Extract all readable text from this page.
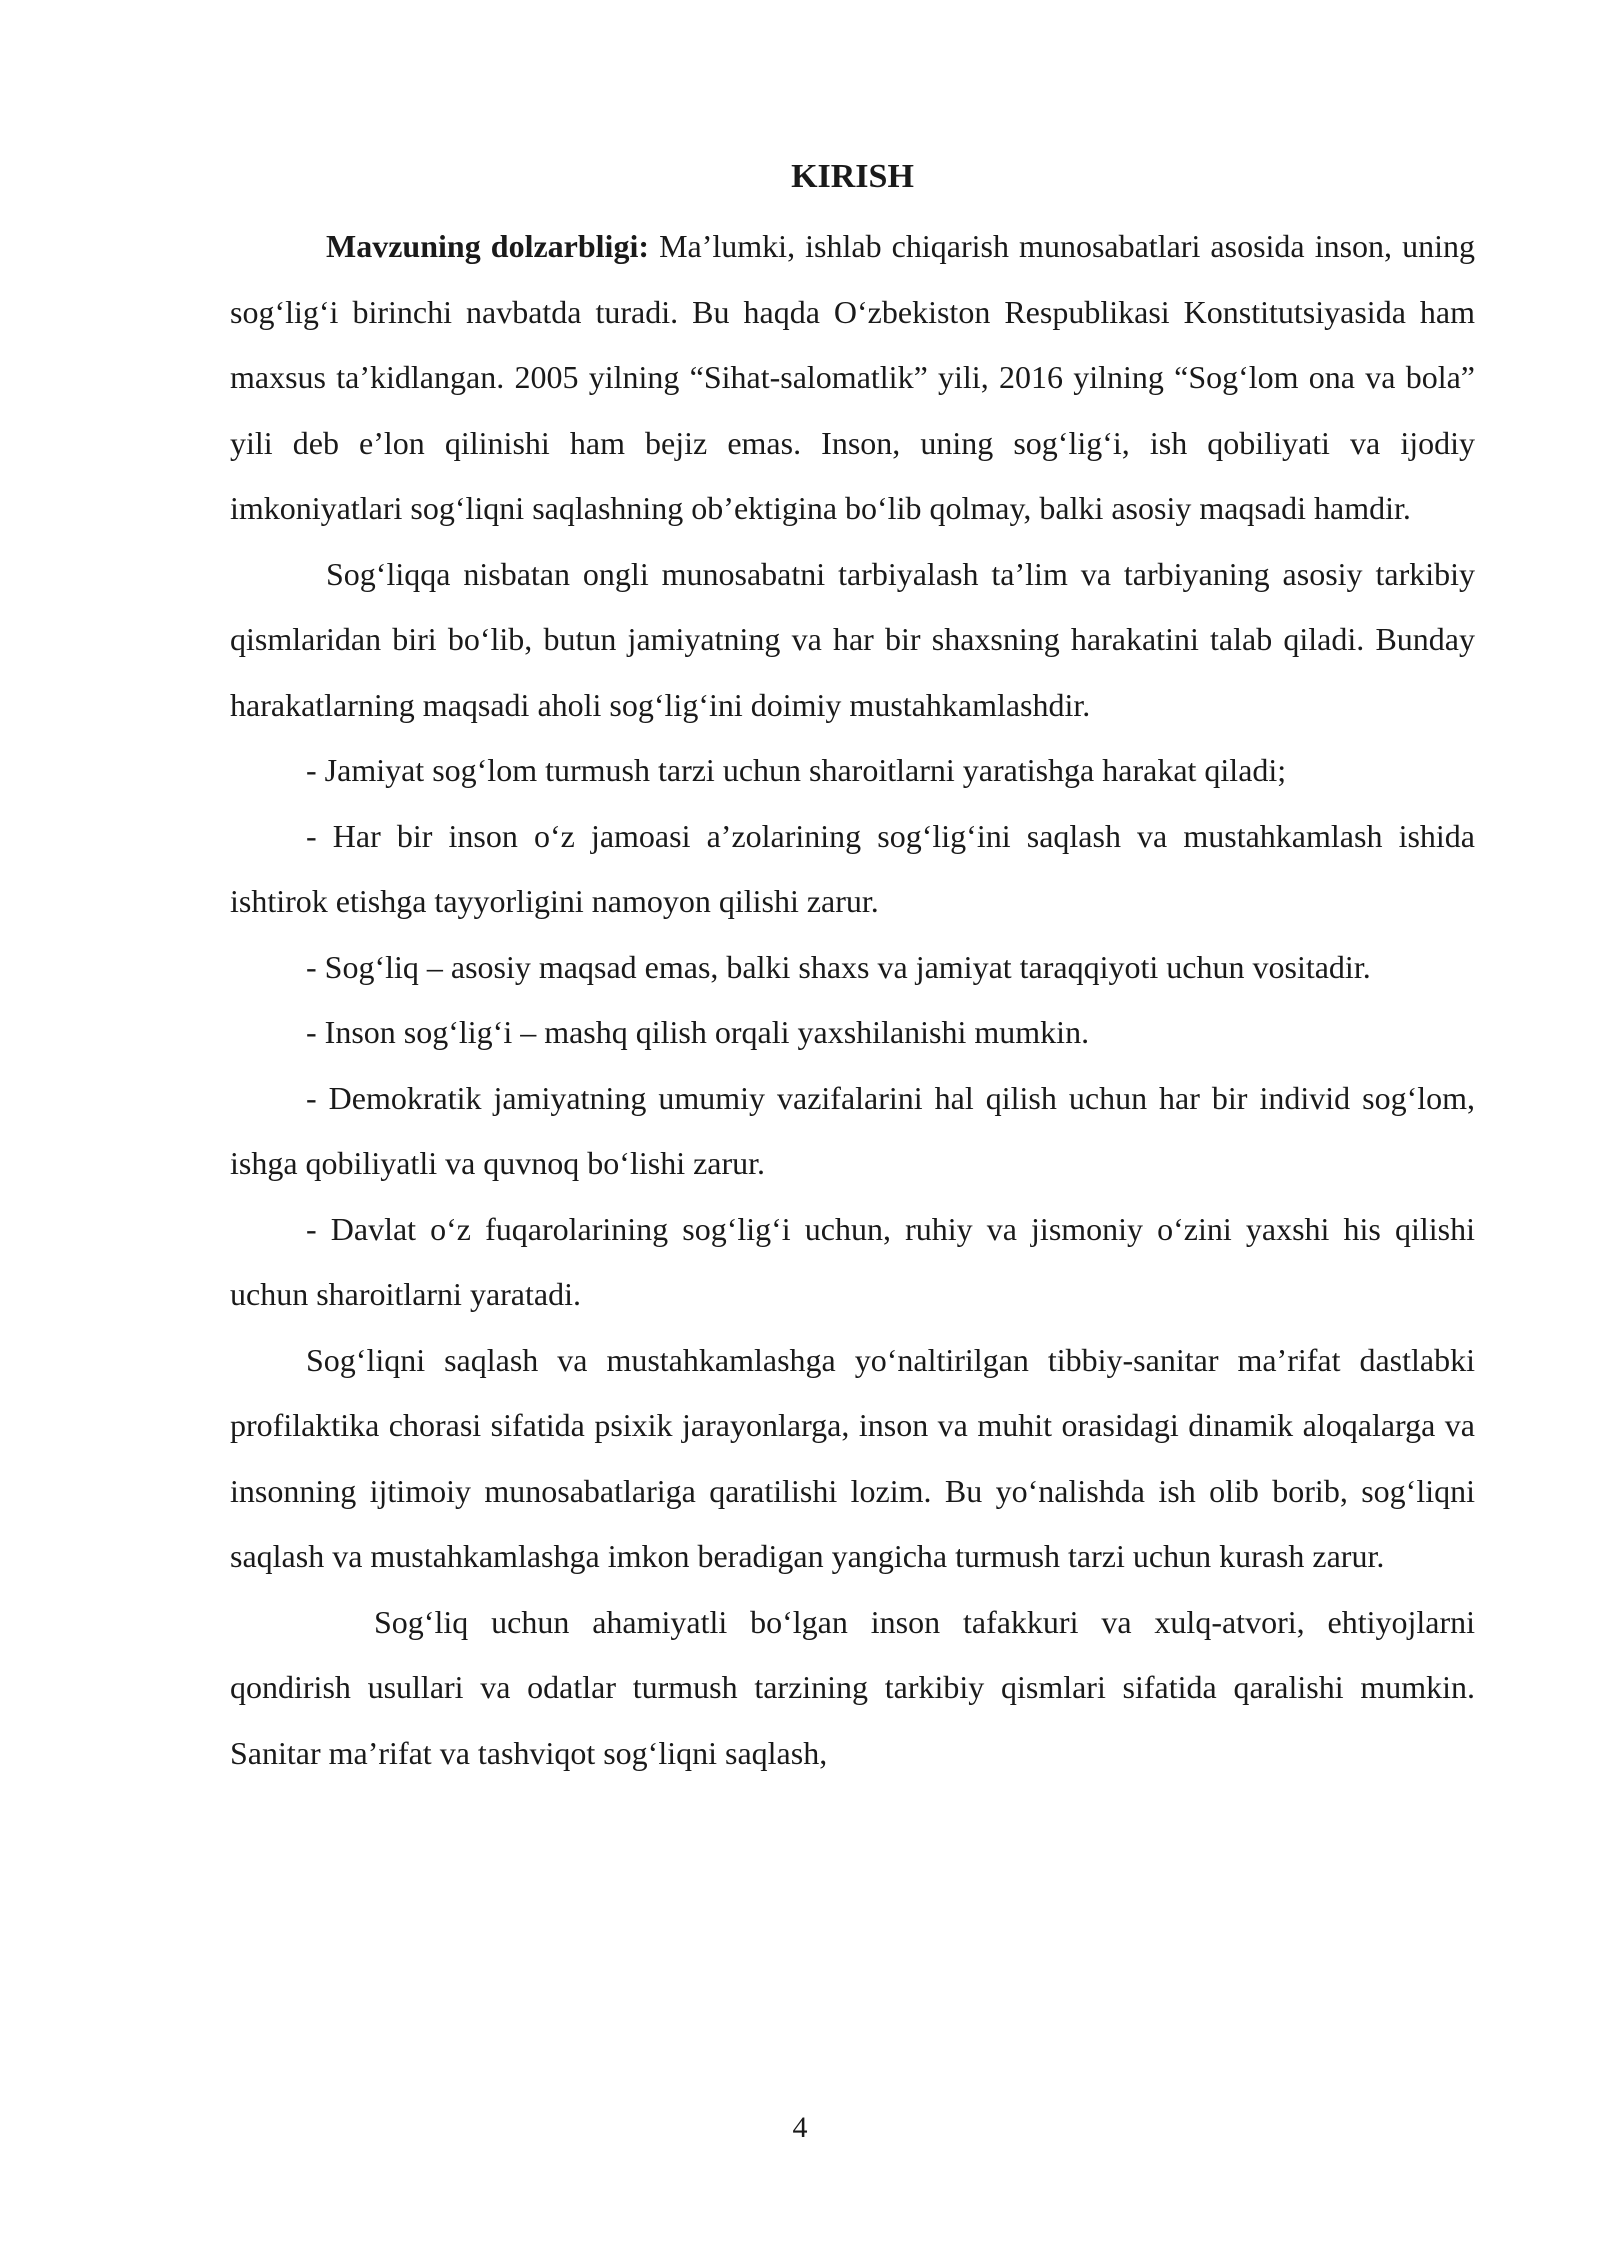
KIRISH

Mavzuning dolzarbligi: Ma’lumki, ishlab chiqarish munosabatlari asosida inson, uning sog‘lig‘i birinchi navbatda turadi. Bu haqda O‘zbekiston Respublikasi Konstitutsiyasida ham maxsus ta’kidlangan. 2005 yilning “Sihat-salomatlik” yili, 2016 yilning “Sog‘lom ona va bola” yili deb e’lon qilinishi ham bejiz emas. Inson, uning sog‘lig‘i, ish qobiliyati va ijodiy imkoniyatlari sog‘liqni saqlashning ob’ektigina bo‘lib qolmay, balki asosiy maqsadi hamdir.

Sog‘liqqa nisbatan ongli munosabatni tarbiyalash ta’lim va tarbiyaning asosiy tarkibiy qismlaridan biri bo‘lib, butun jamiyatning va har bir shaxsning harakatini talab qiladi. Bunday harakatlarning maqsadi aholi sog‘lig‘ini doimiy mustahkamlashdir.

- Jamiyat sog‘lom turmush tarzi uchun sharoitlarni yaratishga harakat qiladi;

- Har bir inson o‘z jamoasi a’zolarining sog‘lig‘ini saqlash va mustahkamlash ishida ishtirok etishga tayyorligini namoyon qilishi zarur.

- Sog‘liq – asosiy maqsad emas, balki shaxs va jamiyat taraqqiyoti uchun vositadir.

- Inson sog‘lig‘i – mashq qilish orqali yaxshilanishi mumkin.

- Demokratik jamiyatning umumiy vazifalarini hal qilish uchun har bir individ sog‘lom, ishga qobiliyatli va quvnoq bo‘lishi zarur.

- Davlat o‘z fuqarolarining sog‘lig‘i uchun, ruhiy va jismoniy o‘zini yaxshi his qilishi uchun sharoitlarni yaratadi.

Sog‘liqni saqlash va mustahkamlashga yo‘naltirilgan tibbiy-sanitar ma’rifat dastlabki profilaktika chorasi sifatida psixik jarayonlarga, inson va muhit orasidagi dinamik aloqalarga va insonning ijtimoiy munosabatlariga qaratilishi lozim. Bu yo‘nalishda ish olib borib, sog‘liqni saqlash va mustahkamlashga imkon beradigan yangicha turmush tarzi uchun kurash zarur.

Sog‘liq uchun ahamiyatli bo‘lgan inson tafakkuri va xulq-atvori, ehtiyojlarni qondirish usullari va odatlar turmush tarzining tarkibiy qismlari sifatida qaralishi mumkin. Sanitar ma’rifat va tashviqot sog‘liqni saqlash,

4
